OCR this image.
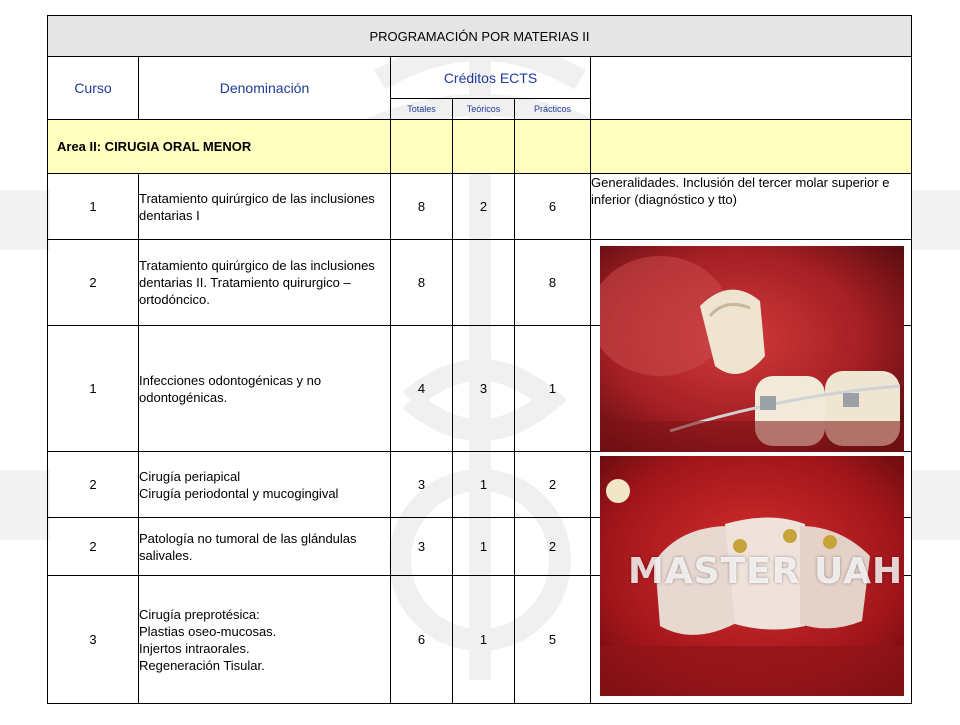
PROGRAMACIÓN POR MATERIAS II					
Curso	Denominación	Créditos ECTS			
		Totales	Teóricos	Prácticos	
Area II: CIRUGIA ORAL MENOR					
1	Tratamiento quirúrgico de las inclusiones dentarias I	8	2	6	Generalidades. Inclusión del tercer molar superior e inferior (diagnóstico y tto)
2	Tratamiento quirúrgico de las inclusiones dentarias II. Tratamiento quirurgico – ortodóncico.	8		8	
1	Infecciones odontogénicas y no odontogénicas.	4	3	1	
2	Cirugía periapical
Cirugía periodontal y mucogingival	3	1	2	
2	Patología no tumoral de las glándulas salivales.	3	1	2	
3	Cirugía preprotésica:
Plastias oseo-mucosas.
Injertos intraorales.
Regeneración Tisular.	6	1	5	
MASTER UAH
